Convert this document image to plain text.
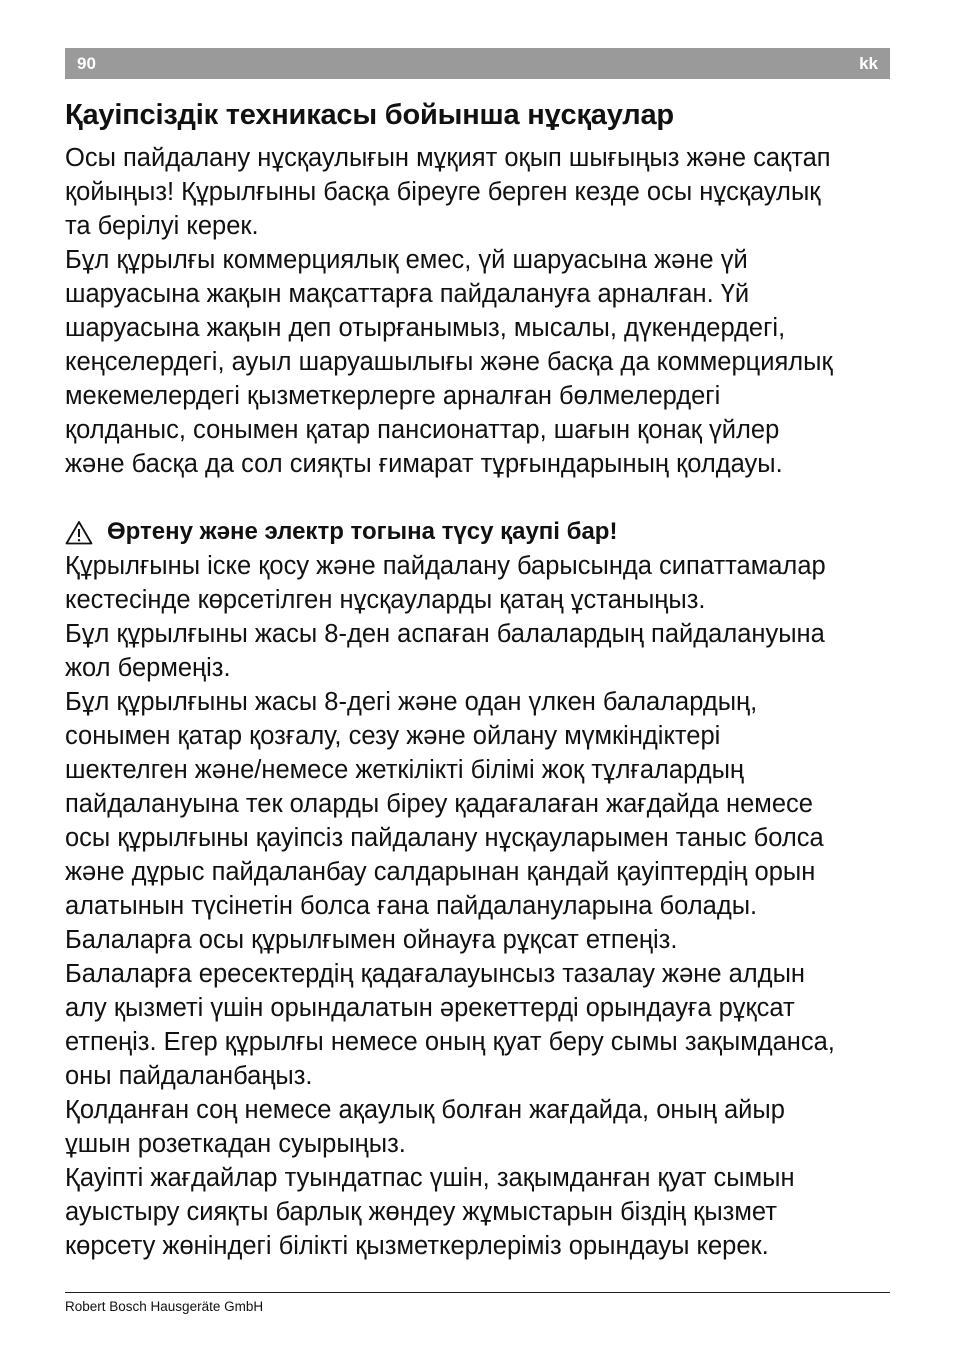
90	kk
Қауіпсіздік техникасы бойынша нұсқаулар

Осы пайдалану нұсқаулығын мұқият оқып шығыңыз және сақтап
қойыңыз! Құрылғыны басқа біреуге берген кезде осы нұсқаулық
та берілуі керек.

Бұл құрылғы коммерциялық емес, үй шаруасына және үй
шаруасына жақын мақсаттарға пайдалануға арналған. Үй
шаруасына жақын деп отырғанымыз, мысалы, дүкендердегі,
кеңселердегі, ауыл шаруашылығы және басқа да коммерциялық
мекемелердегі қызметкерлерге арналған бөлмелердегі
қолданыс, сонымен қатар пансионаттар, шағын қонақ үйлер
және басқа да сол сияқты ғимарат тұрғындарының қолдауы.

Өртену және электр тогына түсу қаупі бар!

Құрылғыны іске қосу және пайдалану барысында сипаттамалар
кестесінде көрсетілген нұсқауларды қатаң ұстаныңыз.

Бұл құрылғыны жасы 8-ден аспаған балалардың пайдалануына
жол бермеңіз.

Бұл құрылғыны жасы 8-дегі және одан үлкен балалардың,
сонымен қатар қозғалу, сезу және ойлану мүмкіндіктері
шектелген және/немесе жеткілікті білімі жоқ тұлғалардың
пайдалануына тек оларды біреу қадағалаған жағдайда немесе
осы құрылғыны қауіпсіз пайдалану нұсқауларымен таныс болса
және дұрыс пайдаланбау салдарынан қандай қауіптердің орын
алатынын түсінетін болса ғана пайдалануларына болады.

Балаларға осы құрылғымен ойнауға рұқсат етпеңіз.

Балаларға ересектердің қадағалауынсыз тазалау және алдын
алу қызметі үшін орындалатын әрекеттерді орындауға рұқсат
етпеңіз. Егер құрылғы немесе оның қуат беру сымы зақымданса,
оны пайдаланбаңыз.

Қолданған соң немесе ақаулық болған жағдайда, оның айыр
ұшын розеткадан суырыңыз.

Қауіпті жағдайлар туындатпас үшін, зақымданған қуат сымын
ауыстыру сияқты барлық жөндеу жұмыстарын біздің қызмет
көрсету жөніндегі білікті қызметкерлеріміз орындауы керек.

Robert Bosch Hausgeräte GmbH
